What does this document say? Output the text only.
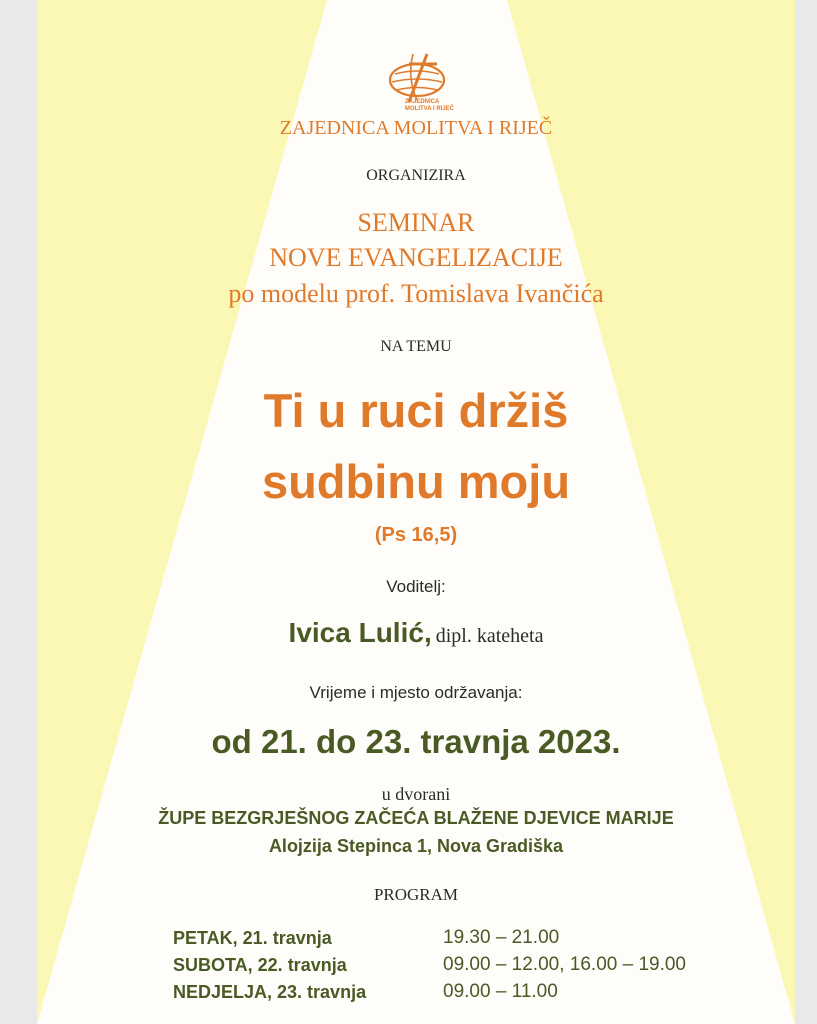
ZAJEDNICA
MOLITVA I RIJEČ
ZAJEDNICA MOLITVA I RIJEČ
ORGANIZIRA
SEMINAR
NOVE EVANGELIZACIJE
po modelu prof. Tomislava Ivančića
NA TEMU
Ti u ruci držiš
sudbinu moju
(Ps 16,5)
Voditelj:
Ivica Lulić, dipl. kateheta
Vrijeme i mjesto održavanja:
od 21. do 23. travnja 2023.
u dvorani
ŽUPE BEZGRJEŠNOG ZAČEĆA BLAŽENE DJEVICE MARIJE
Alojzija Stepinca 1, Nova Gradiška
PROGRAM
PETAK, 21. travnja	19.30 – 21.00
SUBOTA, 22. travnja	09.00 – 12.00, 16.00 – 19.00
NEDJELJA, 23. travnja	09.00 – 11.00
